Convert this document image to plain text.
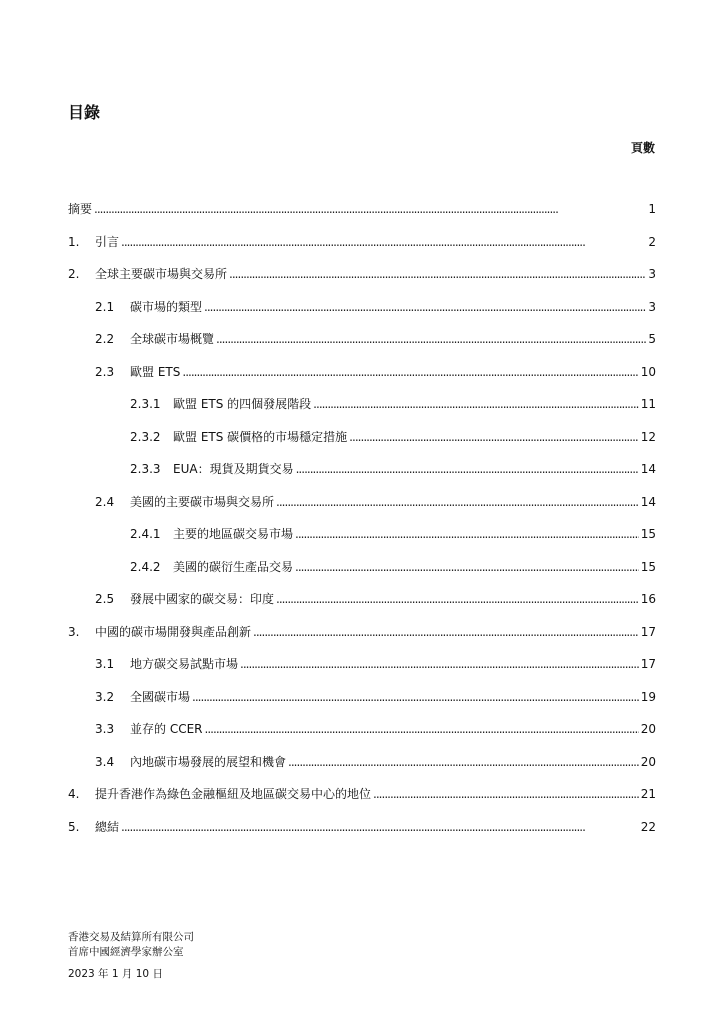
目錄
頁數
摘要 . . .	1
1.	引言 . . .	2
2.	全球主要碳市場與交易所 . . .	3
2.1	碳市場的類型 . . .	3
2.2	全球碳市場概覽 . . .	5
2.3	歐盟 ETS . . .	10
2.3.1	歐盟 ETS 的四個發展階段 . . .	11
2.3.2	歐盟 ETS 碳價格的市場穩定措施 . . .	12
2.3.3	EUA：現貨及期貨交易 . . .	14
2.4	美國的主要碳市場與交易所 . . .	14
2.4.1	主要的地區碳交易市場 . . .	15
2.4.2	美國的碳衍生產品交易 . . .	15
2.5	發展中國家的碳交易：印度 . . .	16
3.	中國的碳市場開發與產品創新 . . .	17
3.1	地方碳交易試點市場 . . .	17
3.2	全國碳市場 . . .	19
3.3	並存的 CCER . . .	20
3.4	內地碳市場發展的展望和機會 . . .	20
4.	提升香港作為綠色金融樞紐及地區碳交易中心的地位 . . .	21
5.	總結 . . .	22
香港交易及結算所有限公司
首席中國經濟學家辦公室
2023 年 1 月 10 日
